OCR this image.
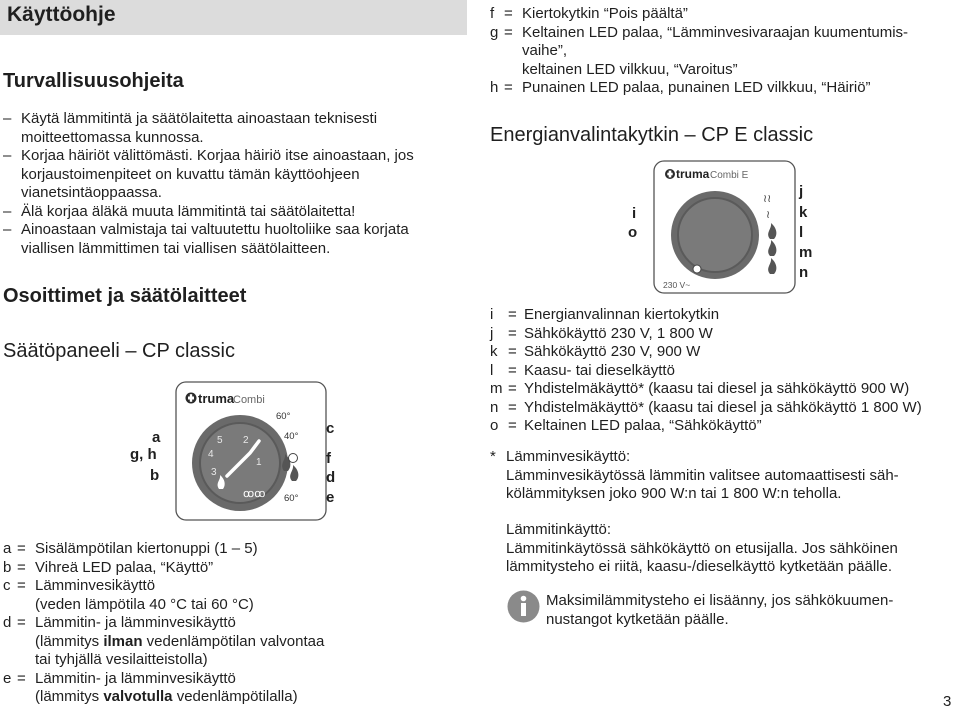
Käyttöohje
Turvallisuusohjeita
– Käytä lämmitintä ja säätölaitetta ainoastaan teknisesti moitteettomassa kunnossa.
– Korjaa häiriöt välittömästi. Korjaa häiriö itse ainoastaan, jos korjaustoimenpiteet on kuvattu tämän käyttöohjeen vianetsintäoppaassa.
– Älä korjaa äläkä muuta lämmitintä tai säätölaitetta!
– Ainoastaan valmistaja tai valtuutettu huoltoliike saa korjata viallisen lämmittimen tai viallisen säätölaitteen.
Osoittimet ja säätölaitteet
Säätöpaneeli – CP classic
truma
Combi
5 2
4
1
3
ꝏꝏ
60°
40°
60°
a
g, h
b
c
f
d
e
a = Sisälämpötilan kiertonuppi (1 – 5)
b = Vihreä LED palaa, “Käyttö”
c = Lämminvesikäyttö
(veden lämpötila 40 °C tai 60 °C)
d = Lämmitin- ja lämminvesikäyttö
(lämmitys ilman vedenlämpötilan valvontaa
tai tyhjällä vesilaitteistolla)
e = Lämmitin- ja lämminvesikäyttö
(lämmitys valvotulla vedenlämpötilalla)
f = Kiertokytkin “Pois päältä”
g = Keltainen LED palaa, “Lämminvesivaraajan kuumentumis-
vaihe”,
keltainen LED vilkkuu, “Varoitus”
h = Punainen LED palaa, punainen LED vilkkuu, “Häiriö”
Energianvalintakytkin – CP E classic
truma Combi E
230 V~
≀≀
≀
i
o
j
k
l
m
n
i = Energianvalinnan kiertokytkin
j = Sähkökäyttö 230 V, 1 800 W
k = Sähkökäyttö 230 V, 900 W
l = Kaasu- tai dieselkäyttö
m = Yhdistelmäkäyttö* (kaasu tai diesel ja sähkökäyttö 900 W)
n = Yhdistelmäkäyttö* (kaasu tai diesel ja sähkökäyttö 1 800 W)
o = Keltainen LED palaa, “Sähkökäyttö”
* Lämminvesikäyttö:
Lämminvesikäytössä lämmitin valitsee automaattisesti säh-
kölämmityksen joko 900 W:n tai 1 800 W:n teholla.
Lämmitinkäyttö:
Lämmitinkäytössä sähkökäyttö on etusijalla. Jos sähköinen
lämmitysteho ei riitä, kaasu-/dieselkäyttö kytketään päälle.
Maksimilämmitysteho ei lisäänny, jos sähkökuumen-
nustangot kytketään päälle.
3
